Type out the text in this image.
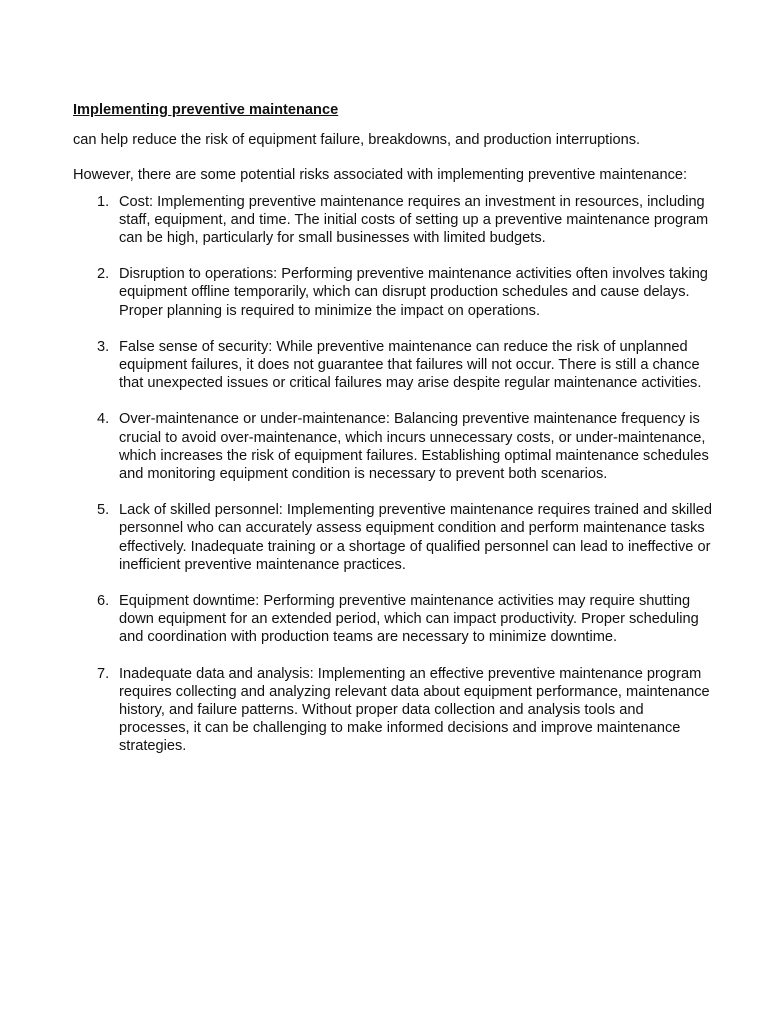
Implementing preventive maintenance
can help reduce the risk of equipment failure, breakdowns, and production interruptions.
However, there are some potential risks associated with implementing preventive maintenance:
1. Cost: Implementing preventive maintenance requires an investment in resources, including staff, equipment, and time. The initial costs of setting up a preventive maintenance program can be high, particularly for small businesses with limited budgets.
2. Disruption to operations: Performing preventive maintenance activities often involves taking equipment offline temporarily, which can disrupt production schedules and cause delays. Proper planning is required to minimize the impact on operations.
3. False sense of security: While preventive maintenance can reduce the risk of unplanned equipment failures, it does not guarantee that failures will not occur. There is still a chance that unexpected issues or critical failures may arise despite regular maintenance activities.
4. Over-maintenance or under-maintenance: Balancing preventive maintenance frequency is crucial to avoid over-maintenance, which incurs unnecessary costs, or under-maintenance, which increases the risk of equipment failures. Establishing optimal maintenance schedules and monitoring equipment condition is necessary to prevent both scenarios.
5. Lack of skilled personnel: Implementing preventive maintenance requires trained and skilled personnel who can accurately assess equipment condition and perform maintenance tasks effectively. Inadequate training or a shortage of qualified personnel can lead to ineffective or inefficient preventive maintenance practices.
6. Equipment downtime: Performing preventive maintenance activities may require shutting down equipment for an extended period, which can impact productivity. Proper scheduling and coordination with production teams are necessary to minimize downtime.
7. Inadequate data and analysis: Implementing an effective preventive maintenance program requires collecting and analyzing relevant data about equipment performance, maintenance history, and failure patterns. Without proper data collection and analysis tools and processes, it can be challenging to make informed decisions and improve maintenance strategies.
